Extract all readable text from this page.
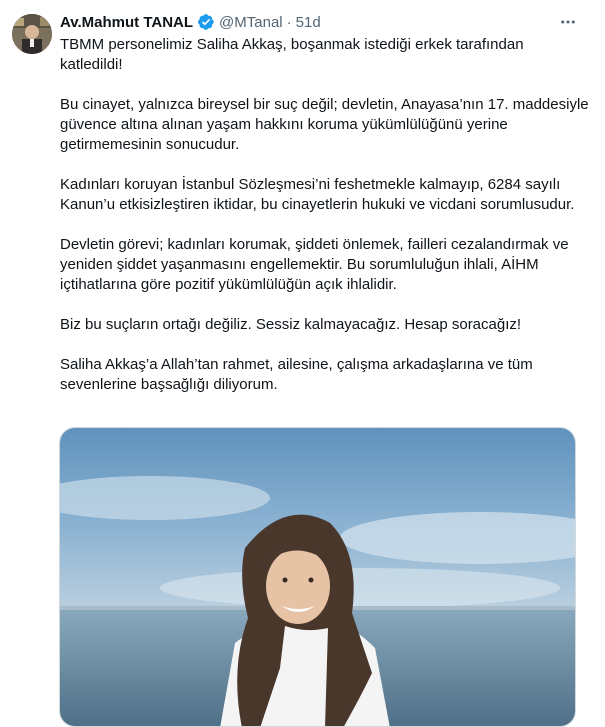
Av.Mahmut TANAL @MTanal · 51d

TBMM personelimiz Saliha Akkaş, boşanmak istediği erkek tarafından katledildi!

Bu cinayet, yalnızca bireysel bir suç değil; devletin, Anayasa’nın 17. maddesiyle güvence altına alınan yaşam hakkını koruma yükümlülüğünü yerine getirmemesinin sonucudur.

Kadınları koruyan İstanbul Sözleşmesi’ni feshetmekle kalmayıp, 6284 sayılı Kanun’u etkisizleştiren iktidar, bu cinayetlerin hukuki ve vicdani sorumlusudur.

Devletin görevi; kadınları korumak, şiddeti önlemek, failleri cezalandırmak ve yeniden şiddet yaşanmasını engellemektir. Bu sorumluluğun ihlali, AİHM içtihatlarına göre pozitif yükümlülüğün açık ihlalidir.

Biz bu suçların ortağı değiliz. Sessiz kalmayacağız. Hesap soracağız!

Saliha Akkaş’a Allah’tan rahmet, ailesine, çalışma arkadaşlarına ve tüm sevenlerine başsağlığı diliyorum.
